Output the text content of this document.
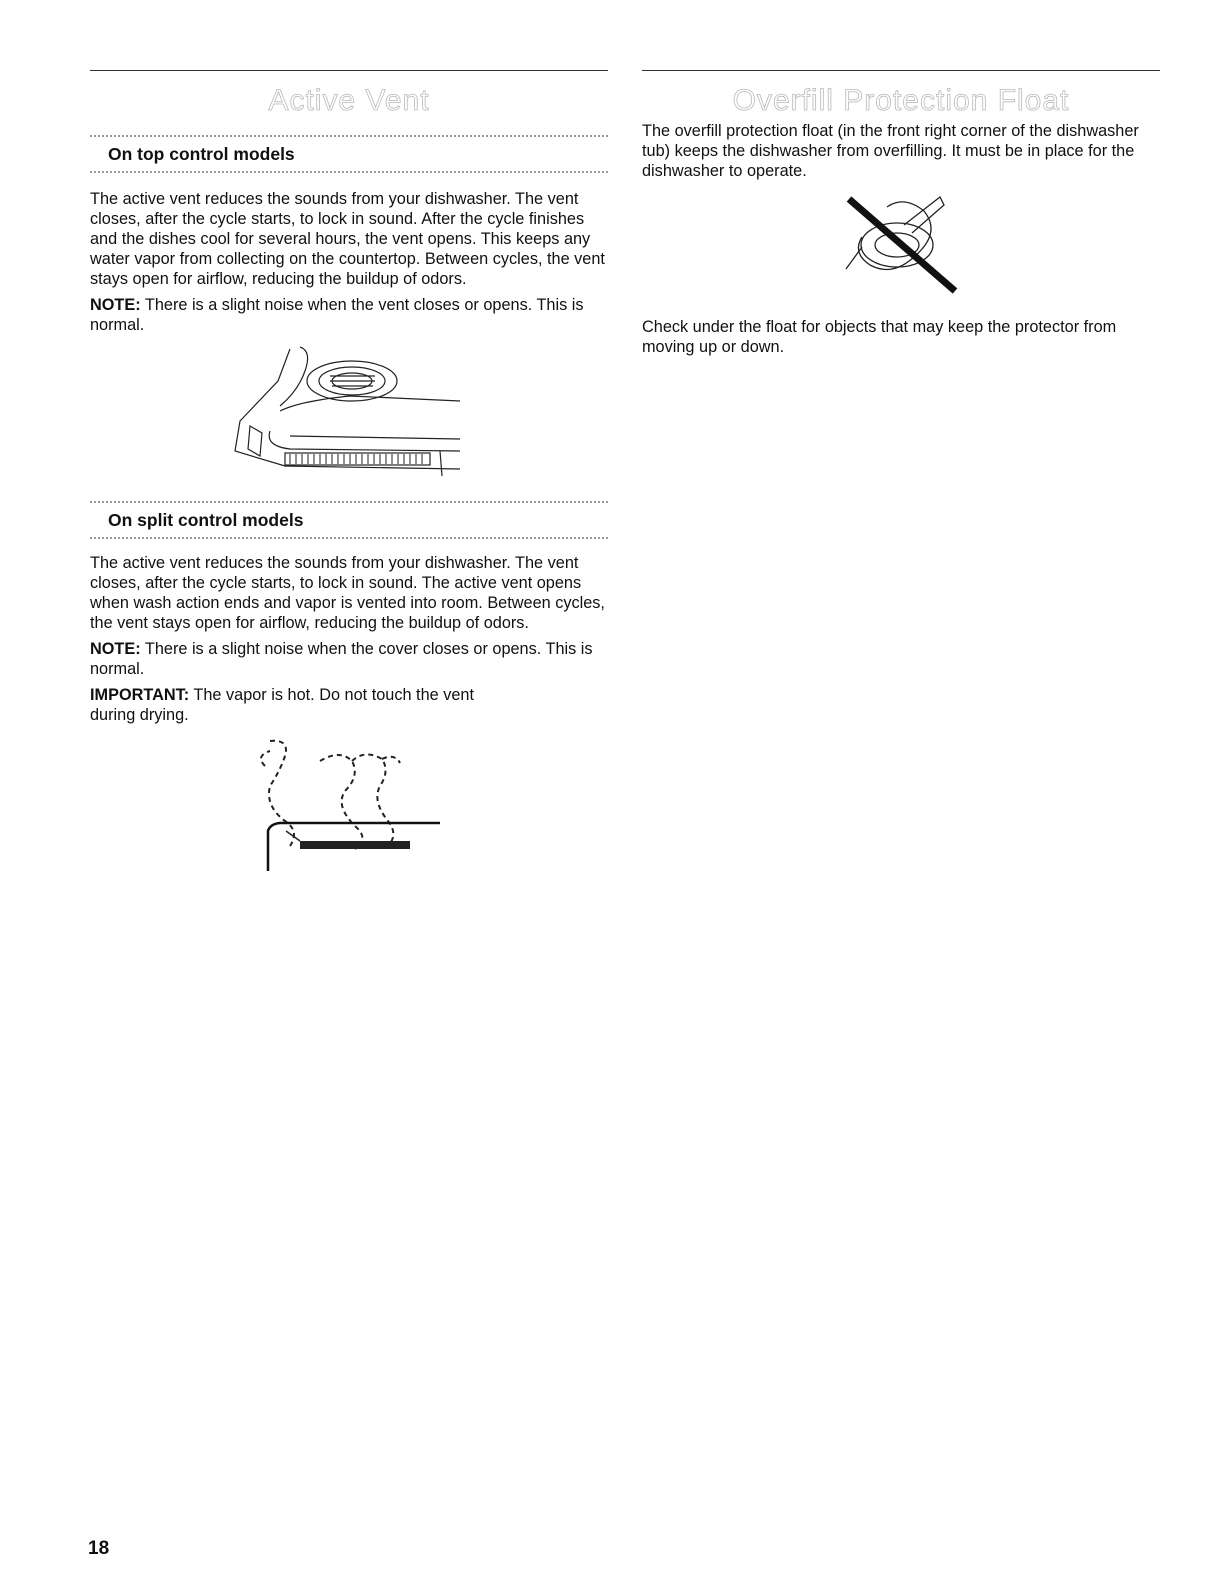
Active Vent
On top control models

The active vent reduces the sounds from your dishwasher. The vent closes, after the cycle starts, to lock in sound. After the cycle finishes and the dishes cool for several hours, the vent opens. This keeps any water vapor from collecting on the countertop. Between cycles, the vent stays open for airflow, reducing the buildup of odors.

NOTE: There is a slight noise when the vent closes or opens. This is normal.

On split control models

The active vent reduces the sounds from your dishwasher. The vent closes, after the cycle starts, to lock in sound. The active vent opens when wash action ends and vapor is vented into room. Between cycles, the vent stays open for airflow, reducing the buildup of odors.

NOTE: There is a slight noise when the cover closes or opens. This is normal.

IMPORTANT: The vapor is hot. Do not touch the vent during drying.

Overfill Protection Float

The overfill protection float (in the front right corner of the dishwasher tub) keeps the dishwasher from overfilling. It must be in place for the dishwasher to operate.

Check under the float for objects that may keep the protector from moving up or down.

18
